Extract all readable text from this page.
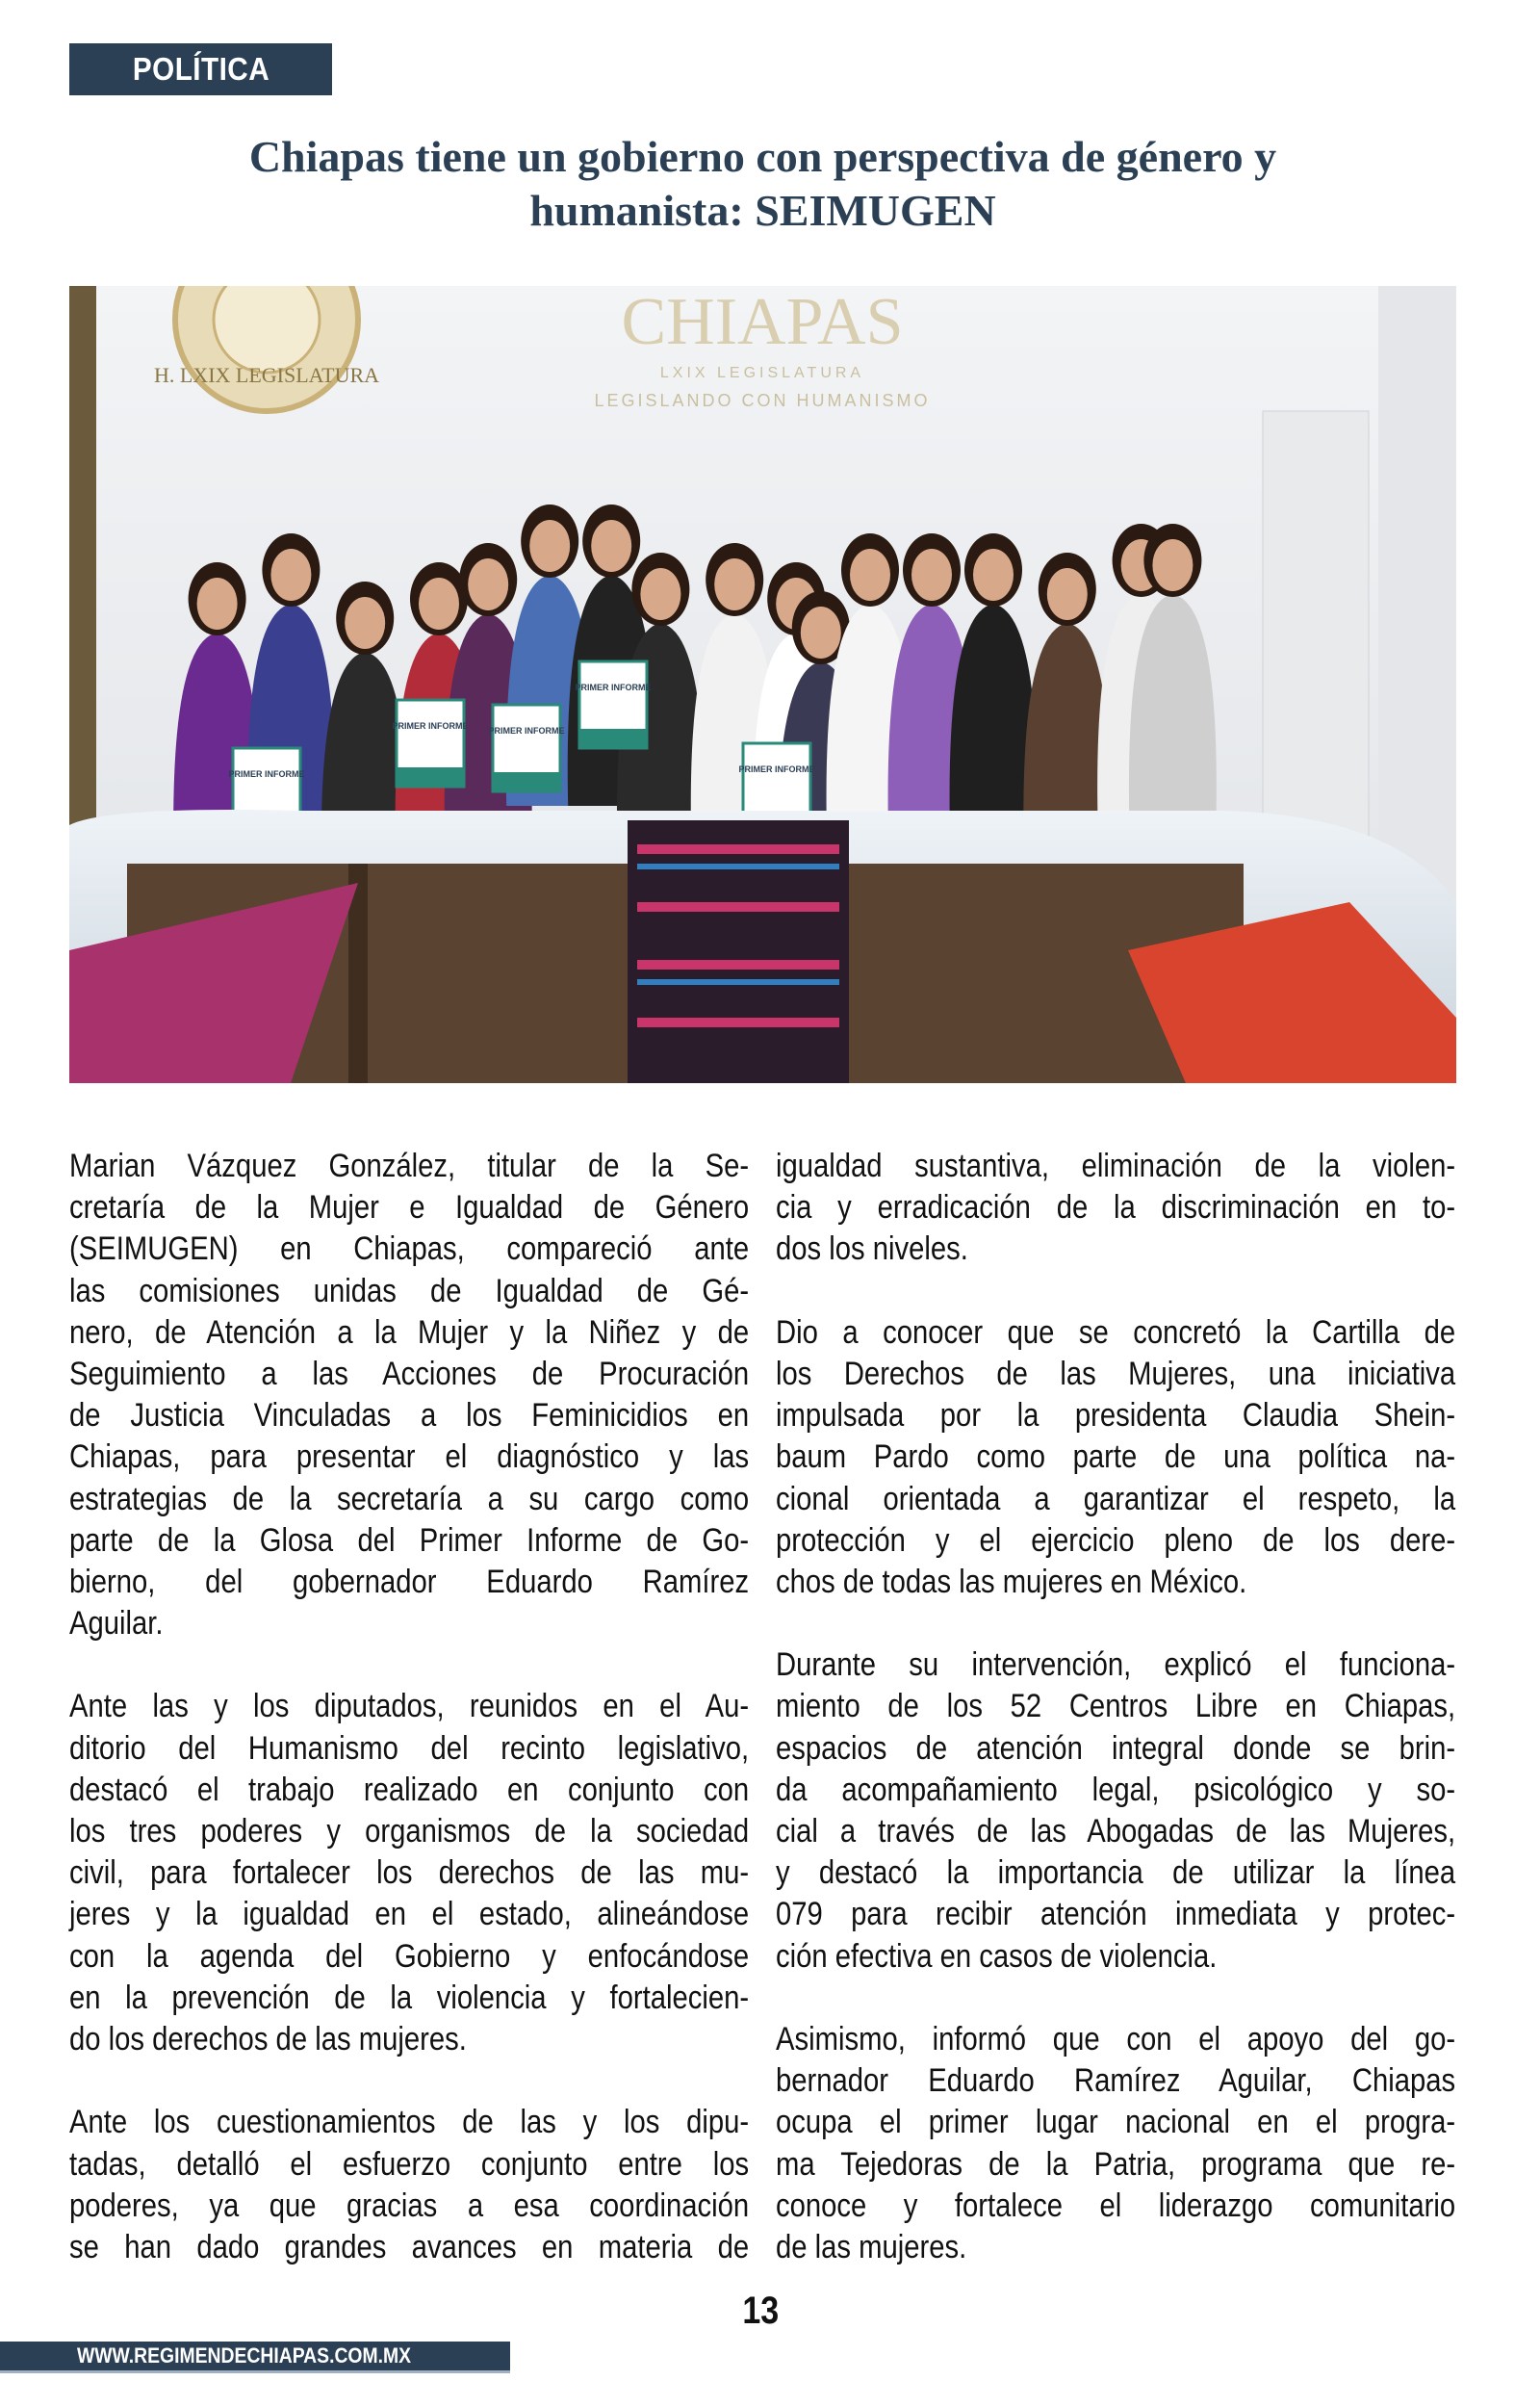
POLÍTICA
Chiapas tiene un gobierno con perspectiva de género y
humanista: SEIMUGEN
H. LXIX LEGISLATURA
CHIAPAS
LXIX LEGISLATURA
LEGISLANDO CON HUMANISMO
PRIMER INFORME
PRIMER INFORME PRIMER INFORME
PRIMER INFORME
PRIMER INFORME
Marian Vázquez González, titular de la Se-
cretaría de la Mujer e Igualdad de Género
(SEIMUGEN) en Chiapas, compareció ante
las comisiones unidas de Igualdad de Gé-
nero, de Atención a la Mujer y la Niñez y de
Seguimiento a las Acciones de Procuración
de Justicia Vinculadas a los Feminicidios en
Chiapas, para presentar el diagnóstico y las
estrategias de la secretaría a su cargo como
parte de la Glosa del Primer Informe de Go-
bierno, del gobernador Eduardo Ramírez
Aguilar.
Ante las y los diputados, reunidos en el Au-
ditorio del Humanismo del recinto legislativo,
destacó el trabajo realizado en conjunto con
los tres poderes y organismos de la sociedad
civil, para fortalecer los derechos de las mu-
jeres y la igualdad en el estado, alineándose
con la agenda del Gobierno y enfocándose
en la prevención de la violencia y fortalecien-
do los derechos de las mujeres.
Ante los cuestionamientos de las y los dipu-
tadas, detalló el esfuerzo conjunto entre los
poderes, ya que gracias a esa coordinación
se han dado grandes avances en materia de
igualdad sustantiva, eliminación de la violen-
cia y erradicación de la discriminación en to-
dos los niveles.
Dio a conocer que se concretó la Cartilla de
los Derechos de las Mujeres, una iniciativa
impulsada por la presidenta Claudia Shein-
baum Pardo como parte de una política na-
cional orientada a garantizar el respeto, la
protección y el ejercicio pleno de los dere-
chos de todas las mujeres en México.
Durante su intervención, explicó el funciona-
miento de los 52 Centros Libre en Chiapas,
espacios de atención integral donde se brin-
da acompañamiento legal, psicológico y so-
cial a través de las Abogadas de las Mujeres,
y destacó la importancia de utilizar la línea
079 para recibir atención inmediata y protec-
ción efectiva en casos de violencia.
Asimismo, informó que con el apoyo del go-
bernador Eduardo Ramírez Aguilar, Chiapas
ocupa el primer lugar nacional en el progra-
ma Tejedoras de la Patria, programa que re-
conoce y fortalece el liderazgo comunitario
de las mujeres.
13
WWW.REGIMENDECHIAPAS.COM.MX
